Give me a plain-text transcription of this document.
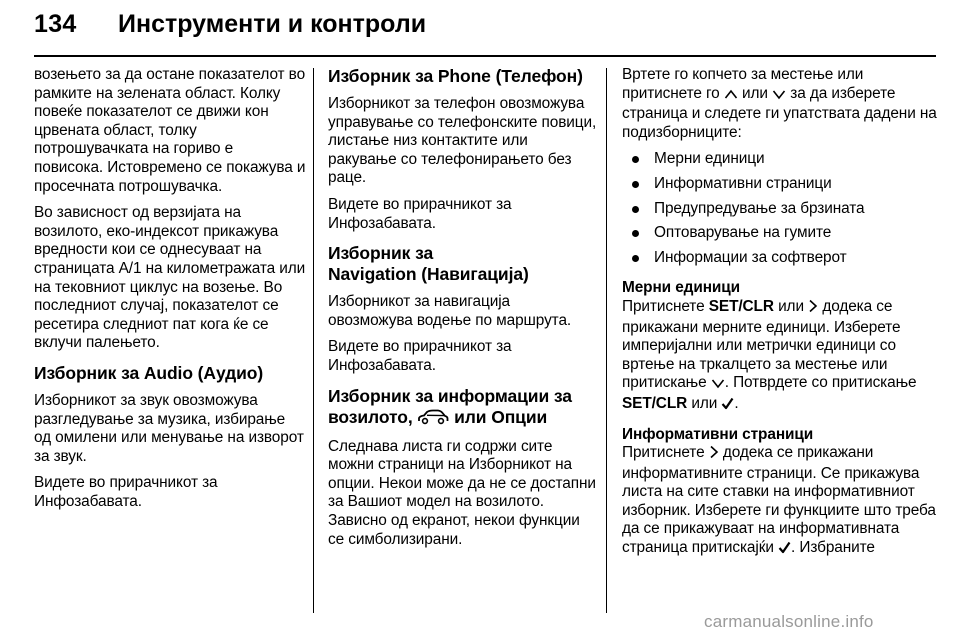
134 Инструменти и контроли

возењето за да остане показателот во рамките на зелената област. Колку повеќе показателот се движи кон црвената област, толку потрошувачката на гориво е повисока. Истовремено се покажува и просечната потрошувачка.

Во зависност од верзијата на возилото, еко-индексот прикажува вредности кои се однесуваат на страницата A/1 на километражата или на тековниот циклус на возење. Во последниот случај, показателот се ресетира следниот пат кога ќе се вклучи палењето.

Изборник за Audio (Аудио)

Изборникот за звук овозможува разгледување за музика, избирање од омилени или менување на изворот за звук.

Видете во прирачникот за Инфозабавата.

Изборник за Phone (Телефон)

Изборникот за телефон овозможува управување со телефонските повици, листање низ контактите или ракување со телефонирањето без раце.

Видете во прирачникот за Инфозабавата.

Изборник за
Navigation (Навигација)

Изборникот за навигација овозможува водење по маршрута.

Видете во прирачникот за Инфозабавата.

Изборник за информации за
возилото, или Опции

Следнава листа ги содржи сите можни страници на Изборникот на опции. Некои може да не се достапни за Вашиот модел на возилото. Зависно од екранот, некои функции се симболизирани.

Вртете го копчето за местење или притиснете го или за да изберете страница и следете ги упатствата дадени на подизборниците:

Мерни единици
Информативни страници
Предупредување за брзината
Оптоварување на гумите
Информации за софтверот
Мерни единици

Притиснете SET/CLR или додека се прикажани мерните единици. Изберете империјални или метрички единици со вртење на тркалцето за местење или притискање . Потврдете со притискање SET/CLR или .

Информативни страници

Притиснете додека се прикажани информативните страници. Се прикажува листа на сите ставки на информативниот изборник. Изберете ги функциите што треба да се прикажуваат на информативната страница притискајќи . Избраните

carmanualsonline.info
